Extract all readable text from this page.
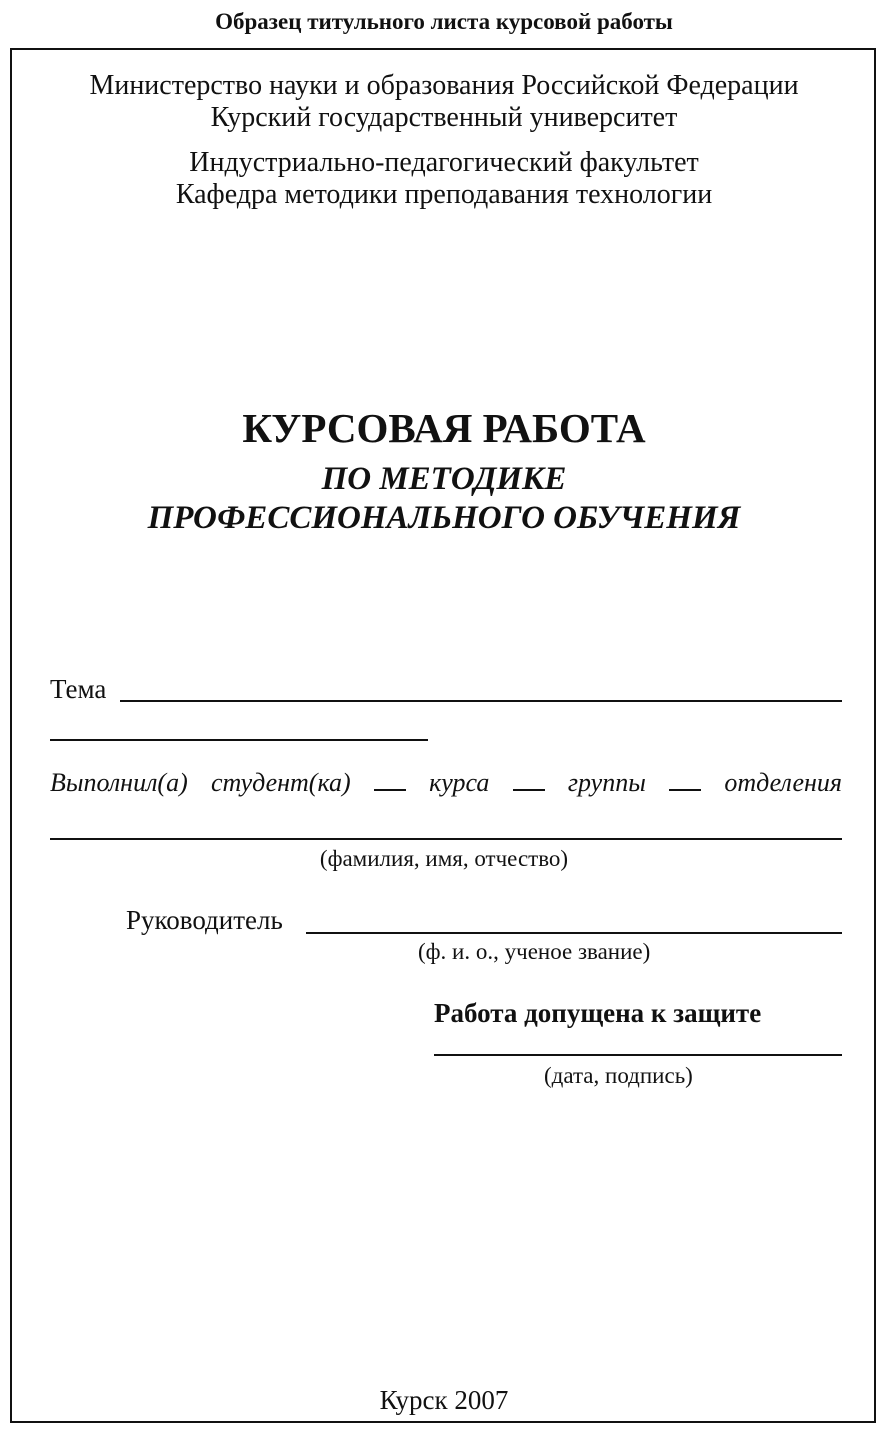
Образец титульного листа курсовой работы
Министерство науки и образования Российской Федерации
Курский государственный университет
Индустриально-педагогический факультет
Кафедра методики преподавания технологии
КУРСОВАЯ РАБОТА
ПО МЕТОДИКЕ
ПРОФЕССИОНАЛЬНОГО ОБУЧЕНИЯ
Тема
Выполнил(а) студент(ка)	курса	группы	отделения
(фамилия, имя, отчество)
Руководитель
(ф. и. о., ученое звание)
Работа допущена к защите
(дата, подпись)
Курск 2007
